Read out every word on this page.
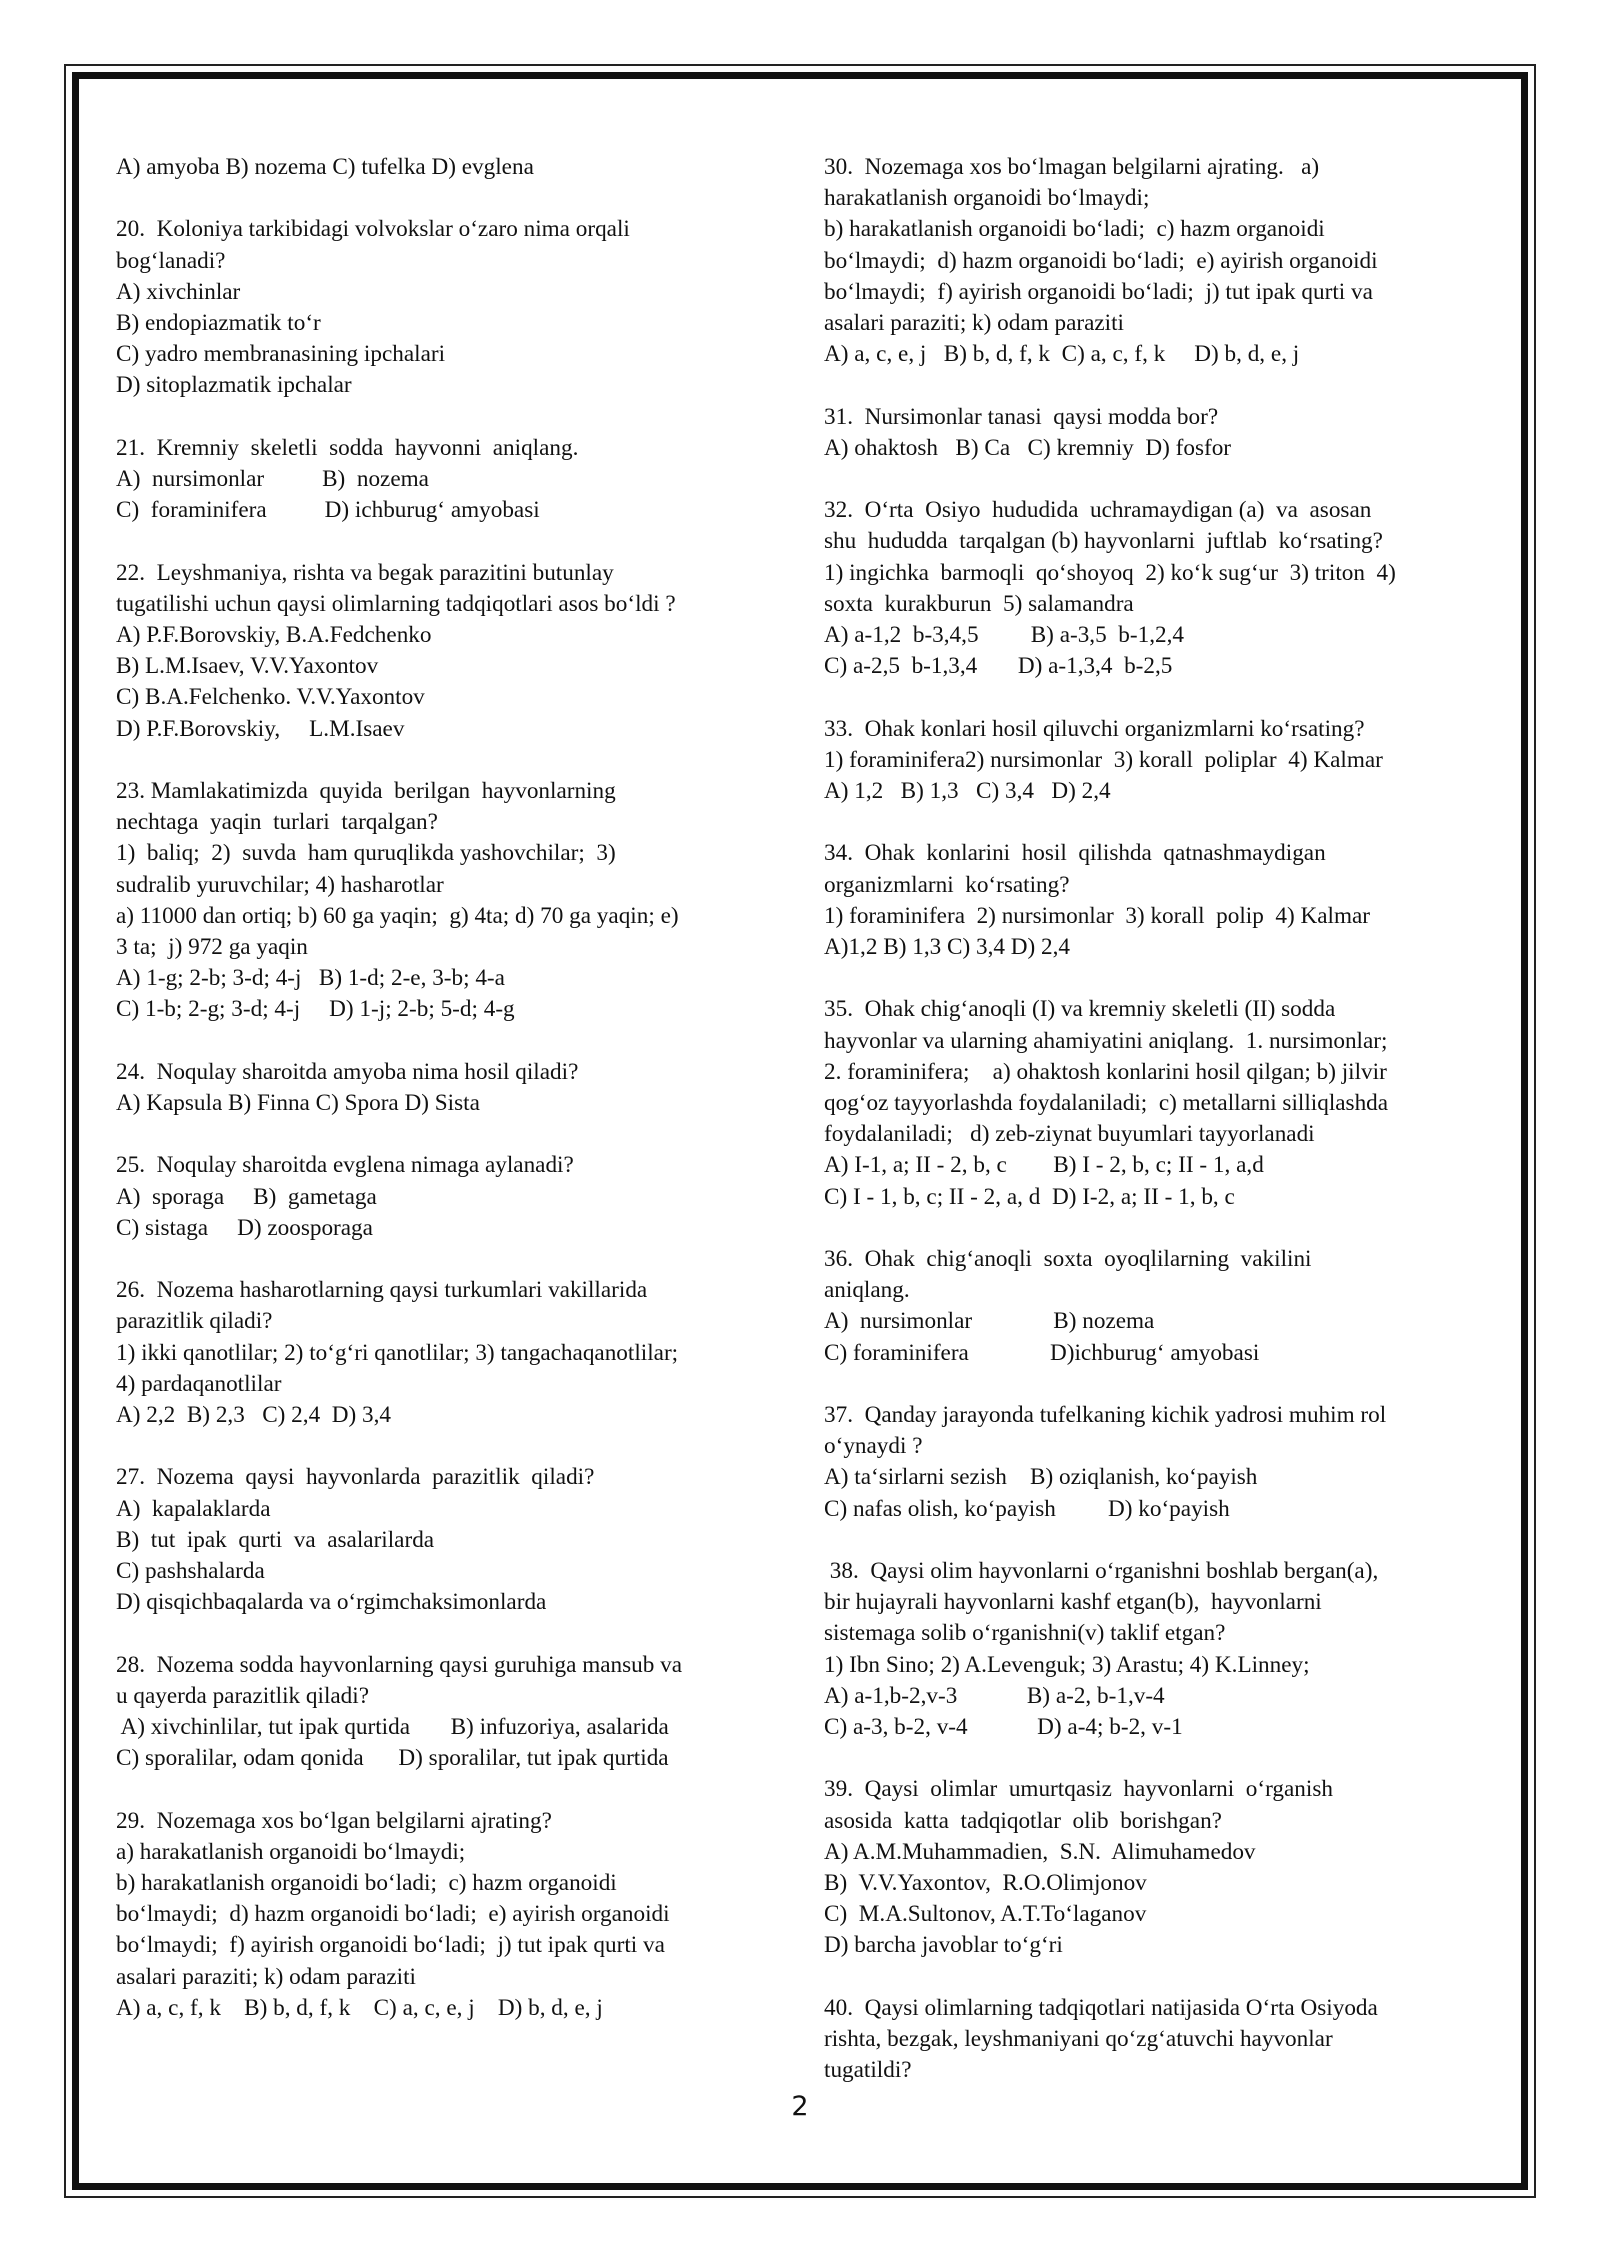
A) amyoba B) nozema C) tufelka D) evglena
20.  Koloniya tarkibidagi volvokslar o‘zaro nima orqali
bog‘lanadi?
A) xivchinlar
B) endopiazmatik to‘r
C) yadro membranasining ipchalari
D) sitoplazmatik ipchalar
21.  Kremniy  skeletli  sodda  hayvonni  aniqlang.
A)  nursimonlar          B)  nozema
C)  foraminifera          D) ichburug‘ amyobasi
22.  Leyshmaniya, rishta va begak parazitini butunlay
tugatilishi uchun qaysi olimlarning tadqiqotlari asos bo‘ldi ?
A) P.F.Borovskiy, B.A.Fedchenko
B) L.M.Isaev, V.V.Yaxontov
C) B.A.Felchenko. V.V.Yaxontov
D) P.F.Borovskiy,     L.M.Isaev
23. Mamlakatimizda  quyida  berilgan  hayvonlarning
nechtaga  yaqin  turlari  tarqalgan?
1)  baliq;  2)  suvda  ham quruqlikda yashovchilar;  3)
sudralib yuruvchilar; 4) hasharotlar
a) 11000 dan ortiq; b) 60 ga yaqin;  g) 4ta; d) 70 ga yaqin; e)
3 ta;  j) 972 ga yaqin
A) 1-g; 2-b; 3-d; 4-j   B) 1-d; 2-e, 3-b; 4-a
C) 1-b; 2-g; 3-d; 4-j     D) 1-j; 2-b; 5-d; 4-g
24.  Noqulay sharoitda amyoba nima hosil qiladi?
A) Kapsula B) Finna C) Spora D) Sista
25.  Noqulay sharoitda evglena nimaga aylanadi?
A)  sporaga     B)  gametaga
C) sistaga     D) zoosporaga
26.  Nozema hasharotlarning qaysi turkumlari vakillarida
parazitlik qiladi?
1) ikki qanotlilar; 2) to‘g‘ri qanotlilar; 3) tangachaqanotlilar;
4) pardaqanotlilar
A) 2,2  B) 2,3   C) 2,4  D) 3,4
27.  Nozema  qaysi  hayvonlarda  parazitlik  qiladi?
A)  kapalaklarda
B)  tut  ipak  qurti  va  asalarilarda
C) pashshalarda
D) qisqichbaqalarda va o‘rgimchaksimonlarda
28.  Nozema sodda hayvonlarning qaysi guruhiga mansub va
u qayerda parazitlik qiladi?
A) xivchinlilar, tut ipak qurtida       B) infuzoriya, asalarida
C) sporalilar, odam qonida      D) sporalilar, tut ipak qurtida
29.  Nozemaga xos bo‘lgan belgilarni ajrating?
a) harakatlanish organoidi bo‘lmaydi;
b) harakatlanish organoidi bo‘ladi;  c) hazm organoidi
bo‘lmaydi;  d) hazm organoidi bo‘ladi;  e) ayirish organoidi
bo‘lmaydi;  f) ayirish organoidi bo‘ladi;  j) tut ipak qurti va
asalari paraziti; k) odam paraziti
A) a, c, f, k    B) b, d, f, k    C) a, c, e, j    D) b, d, e, j
30.  Nozemaga xos bo‘lmagan belgilarni ajrating.   a)
harakatlanish organoidi bo‘lmaydi;
b) harakatlanish organoidi bo‘ladi;  c) hazm organoidi
bo‘lmaydi;  d) hazm organoidi bo‘ladi;  e) ayirish organoidi
bo‘lmaydi;  f) ayirish organoidi bo‘ladi;  j) tut ipak qurti va
asalari paraziti; k) odam paraziti
A) a, c, e, j   B) b, d, f, k  C) a, c, f, k     D) b, d, e, j
31.  Nursimonlar tanasi  qaysi modda bor?
A) ohaktosh   B) Ca   C) kremniy  D) fosfor
32.  O‘rta  Osiyo  hududida  uchramaydigan (a)  va  asosan
shu  hududda  tarqalgan (b) hayvonlarni  juftlab  ko‘rsating?
1) ingichka  barmoqli  qo‘shoyoq  2) ko‘k sug‘ur  3) triton  4)
soxta  kurakburun  5) salamandra
A) a-1,2  b-3,4,5         B) a-3,5  b-1,2,4
C) a-2,5  b-1,3,4       D) a-1,3,4  b-2,5
33.  Ohak konlari hosil qiluvchi organizmlarni ko‘rsating?
1) foraminifera2) nursimonlar  3) korall  poliplar  4) Kalmar
A) 1,2   B) 1,3   C) 3,4   D) 2,4
34.  Ohak  konlarini  hosil  qilishda  qatnashmaydigan
organizmlarni  ko‘rsating?
1) foraminifera  2) nursimonlar  3) korall  polip  4) Kalmar
A)1,2 B) 1,3 C) 3,4 D) 2,4
35.  Ohak chig‘anoqli (I) va kremniy skeletli (II) sodda
hayvonlar va ularning ahamiyatini aniqlang.  1. nursimonlar;
2. foraminifera;    a) ohaktosh konlarini hosil qilgan; b) jilvir
qog‘oz tayyorlashda foydalaniladi;  c) metallarni silliqlashda
foydalaniladi;   d) zeb-ziynat buyumlari tayyorlanadi
A) I-1, a; II - 2, b, c        B) I - 2, b, c; II - 1, a,d
C) I - 1, b, c; II - 2, a, d  D) I-2, a; II - 1, b, c
36.  Ohak  chig‘anoqli  soxta  oyoqlilarning  vakilini
aniqlang.
A)  nursimonlar              B) nozema
C) foraminifera              D)ichburug‘ amyobasi
37.  Qanday jarayonda tufelkaning kichik yadrosi muhim rol
o‘ynaydi ?
A) ta‘sirlarni sezish    B) oziqlanish, ko‘payish
C) nafas olish, ko‘payish         D) ko‘payish
38.  Qaysi olim hayvonlarni o‘rganishni boshlab bergan(a),
bir hujayrali hayvonlarni kashf etgan(b),  hayvonlarni
sistemaga solib o‘rganishni(v) taklif etgan?
1) Ibn Sino; 2) A.Levenguk; 3) Arastu; 4) K.Linney;
A) a-1,b-2,v-3            B) a-2, b-1,v-4
C) a-3, b-2, v-4            D) a-4; b-2, v-1
39.  Qaysi  olimlar  umurtqasiz  hayvonlarni  o‘rganish
asosida  katta  tadqiqotlar  olib  borishgan?
A) A.M.Muhammadien,  S.N.  Alimuhamedov
B)  V.V.Yaxontov,  R.O.Olimjonov
C)  M.A.Sultonov, A.T.To‘laganov
D) barcha javoblar to‘g‘ri
40.  Qaysi olimlarning tadqiqotlari natijasida O‘rta Osiyoda
rishta, bezgak, leyshmaniyani qo‘zg‘atuvchi hayvonlar
tugatildi?
2
